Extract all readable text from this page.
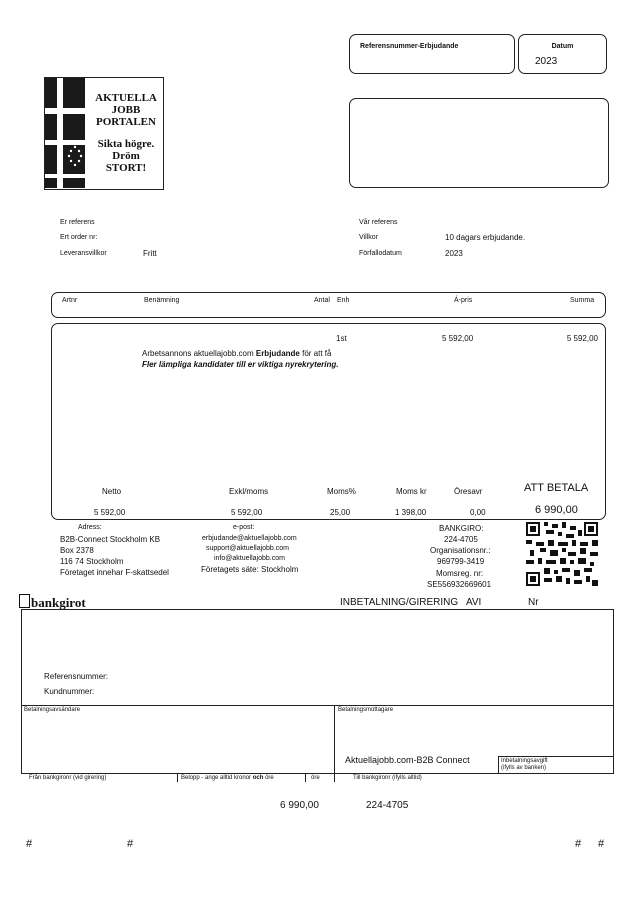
Referensnummer-Erbjudande	Datum
2023
AKTUELLA
JOBB
PORTALEN
Sikta högre.
Dröm
STORT!
Er referens
Ert order nr:
Leveransvillkor	Fritt
Vår referens
Villkor	10 dagars erbjudande.
Förfallodatum	2023
Artnr	Benämning	Antal Enh	Á-pris	Summa
1st	5 592,00	5 592,00
Arbetsannons aktuellajobb.com Erbjudande för att få
Fler lämpliga kandidater till er viktiga nyrekrytering.
Netto	Exkl/moms	Moms%	Moms kr	Öresavr	ATT BETALA
5 592,00	5 592,00	25,00	1 398,00	0,00	6 990,00
Adress:
B2B-Connect Stockholm KB
Box 2378
116 74 Stockholm
Företaget innehar F-skattsedel
e-post:
erbjudande@aktuellajobb.com
support@aktuellajobb.com
info@aktuellajobb.com
Företagets säte: Stockholm
BANKGIRO:
224-4705
Organisationsnr.:
969799-3419
Momsreg. nr:
SE556932669601
bankgirot	INBETALNING/GIRERING   AVI	Nr
Referensnummer:
Kundnummer:
Betalningsavsändare	Betalningsmottagare
Aktuellajobb.com-B2B Connect	Inbetalningsavgift
(ifylls av banken)
Från bankgironr (vid girering)	Belopp - ange alltid kronor och öre	öre	Till bankgironr (ifylls alltid)
6 990,00	224-4705
#	#	# #
